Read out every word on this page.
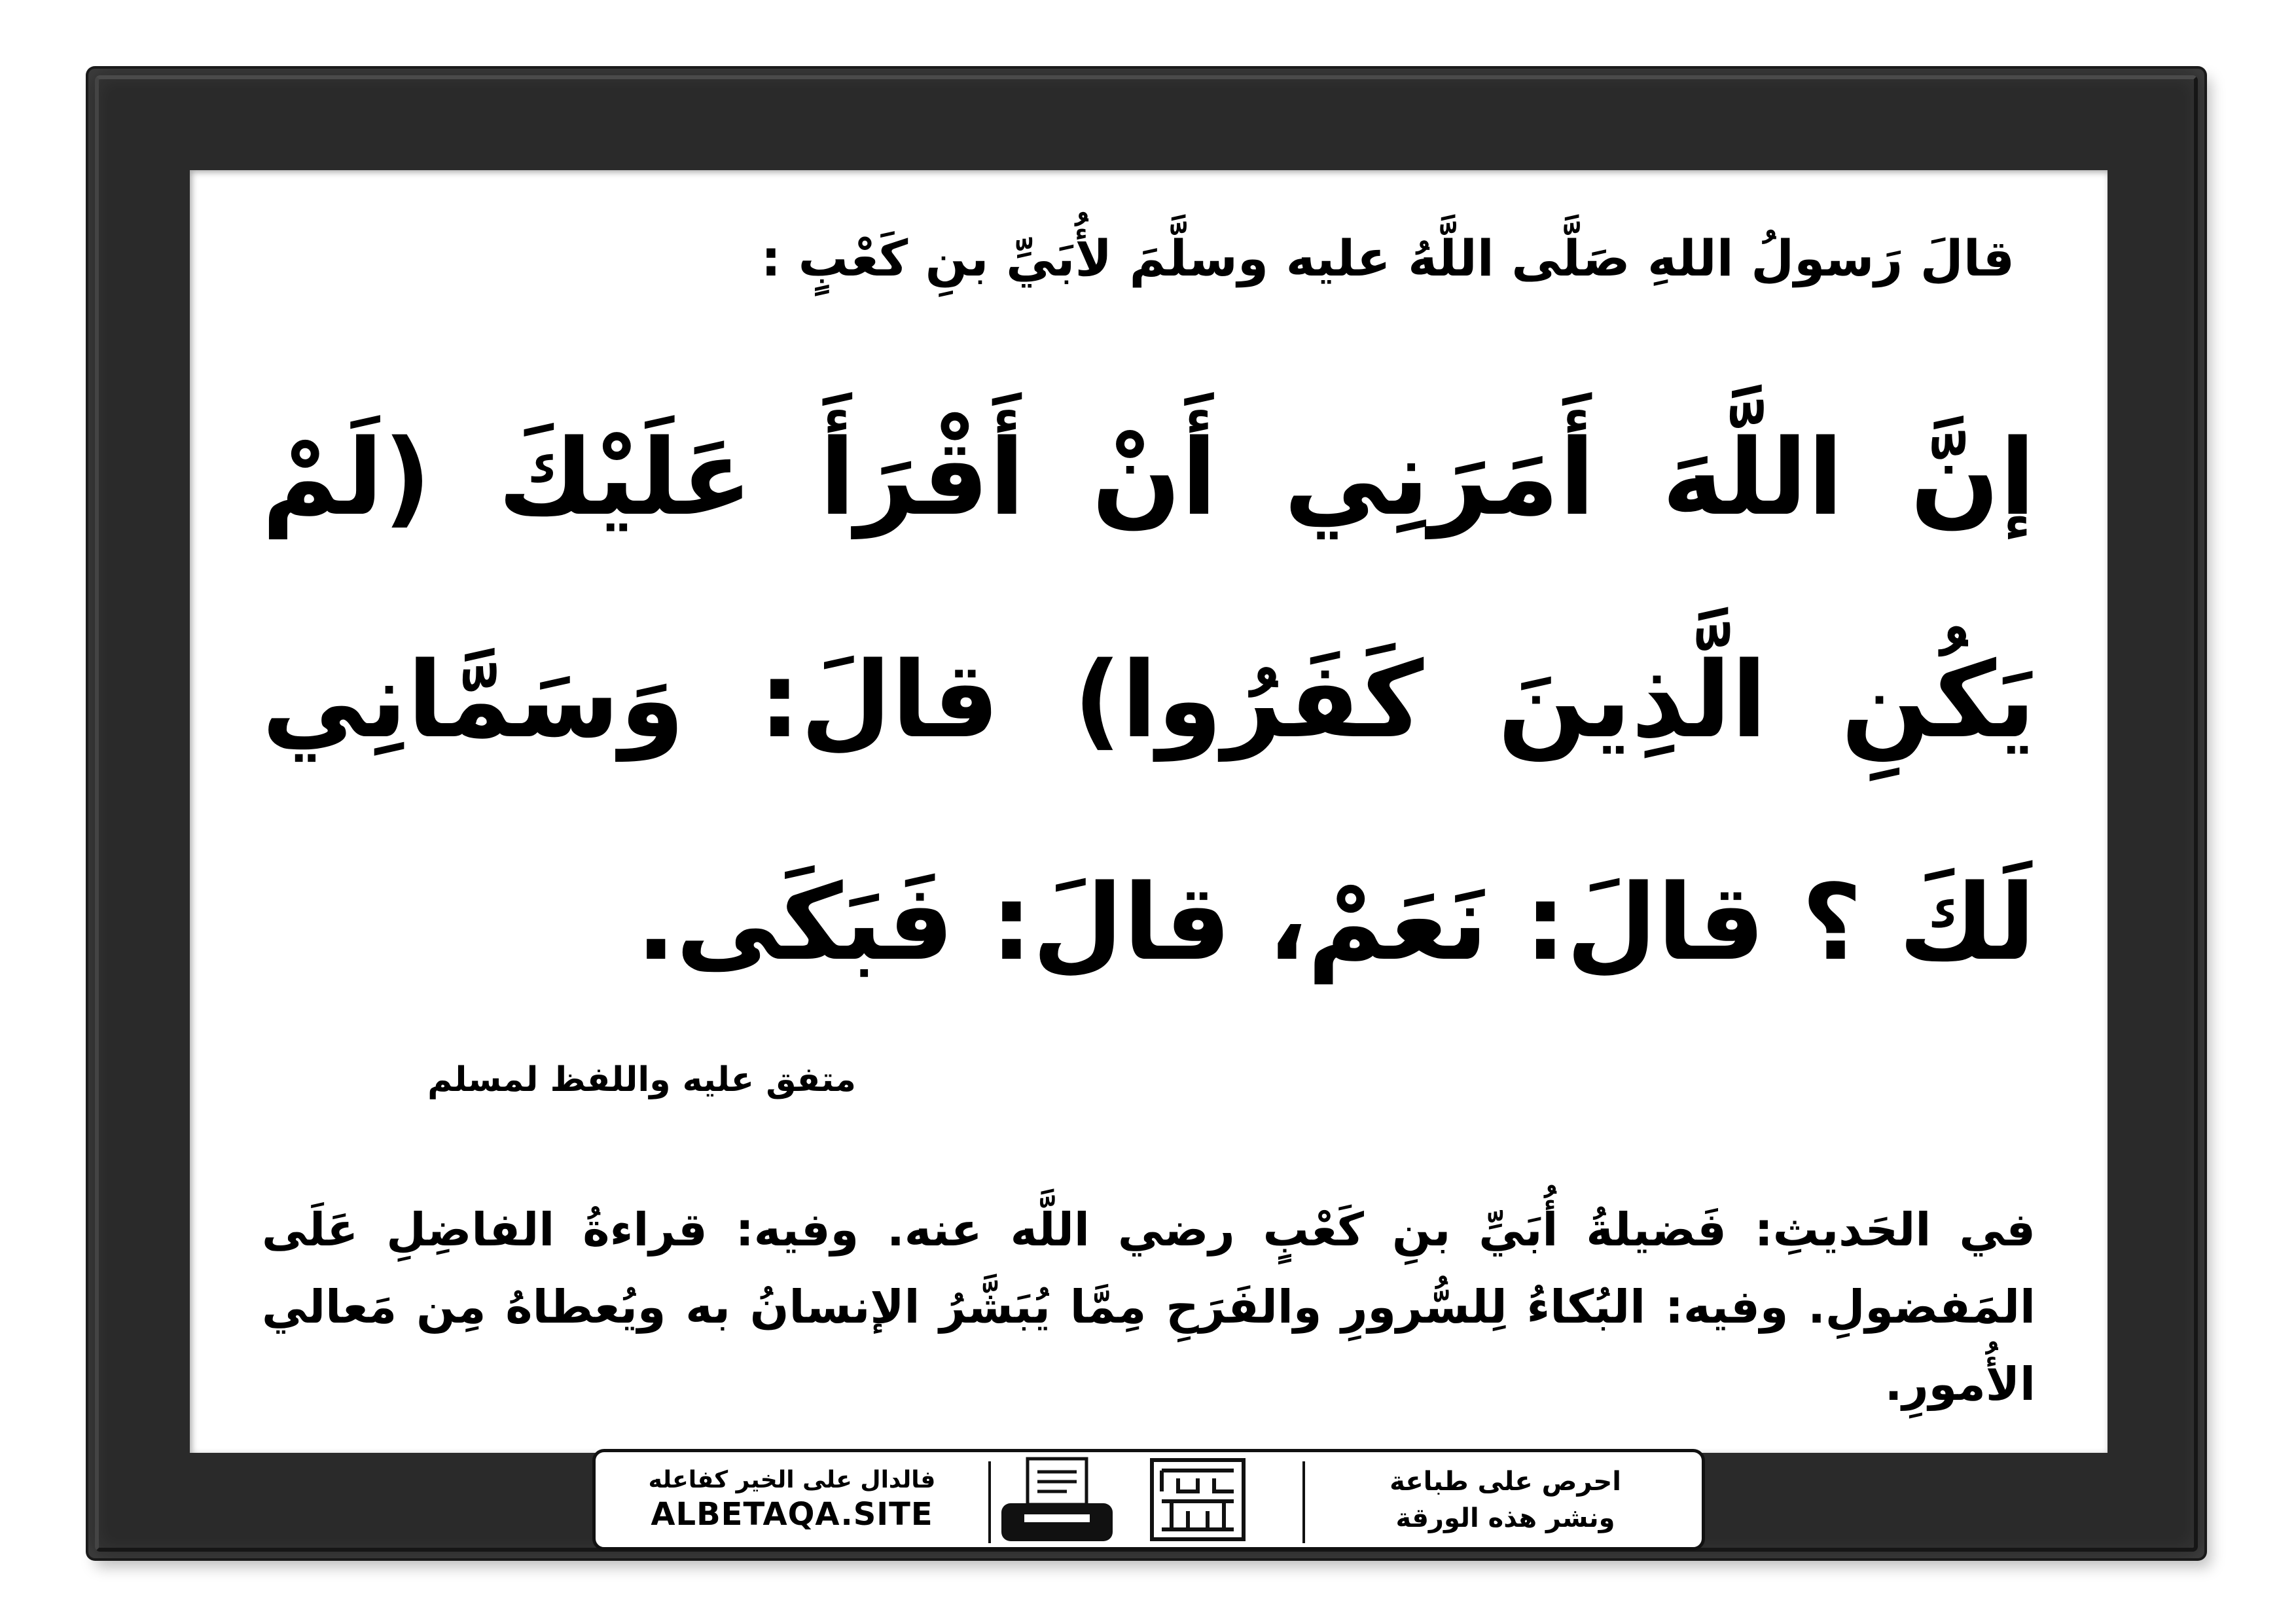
قالَ رَسولُ اللهِ صَلَّى اللَّهُ عليه وسلَّمَ لأُبَيِّ بنِ كَعْبٍ :
إنَّ اللَّهَ أَمَرَنِي أَنْ أَقْرَأَ عَلَيْكَ (لَمْ يَكُنِ الَّذِينَ كَفَرُوا) قالَ: وَسَمَّانِي لَكَ ؟ قالَ: نَعَمْ، قالَ: فَبَكَى.
متفق عليه واللفظ لمسلم
في الحَديثِ: فَضيلةُ أُبَيِّ بنِ كَعْبٍ رضي اللَّه عنه. وفيه: قراءةُ الفاضِلِ عَلَى المَفضولِ. وفيه: البُكاءُ لِلسُّرورِ والفَرَحِ مِمَّا يُبَشَّرُ الإنسانُ به ويُعطاهُ مِن مَعالي الأُمورِ.
فالدال على الخير كفاعله
ALBETAQA.SITE
احرص على طباعة
ونشر هذه الورقة
